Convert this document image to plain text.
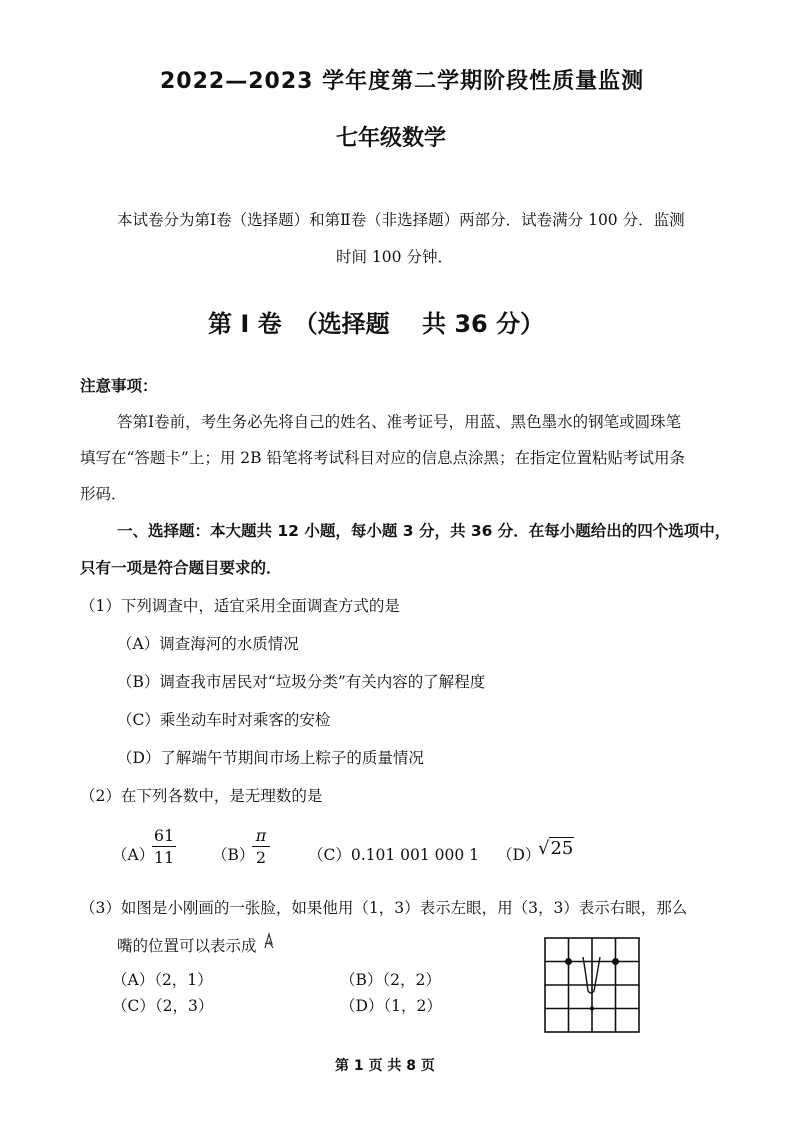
2022—2023 学年度第二学期阶段性质量监测
七年级数学
本试卷分为第Ⅰ卷（选择题）和第Ⅱ卷（非选择题）两部分．试卷满分 100 分．监测
时间 100 分钟．
第 Ⅰ 卷　（选择题　 共 36 分）
注意事项：
答第Ⅰ卷前，考生务必先将自己的姓名、准考证号，用蓝、黑色墨水的钢笔或圆珠笔
填写在“答题卡”上；用 2B 铅笔将考试科目对应的信息点涂黑；在指定位置粘贴考试用条
形码．
一、选择题：本大题共 12 小题，每小题 3 分，共 36 分．在每小题给出的四个选项中，
只有一项是符合题目要求的．
（1）下列调查中，适宜采用全面调查方式的是
（A）调查海河的水质情况
（B）调查我市居民对“垃圾分类”有关内容的了解程度
（C）乘坐动车时对乘客的安检
（D）了解端午节期间市场上粽子的质量情况
（2）在下列各数中，是无理数的是
（A）
61
11 （B）
π
2	（C）0.101 001 000 1 （D）
√25
（3）如图是小刚画的一张脸，如果他用（1，3）表示左眼，用（3，3）表示右眼，那么
嘴的位置可以表示成
（A）（2，1）	（B）（2，2）
（C）（2，3）	（D）（1，2）
第 1 页 共 8 页
